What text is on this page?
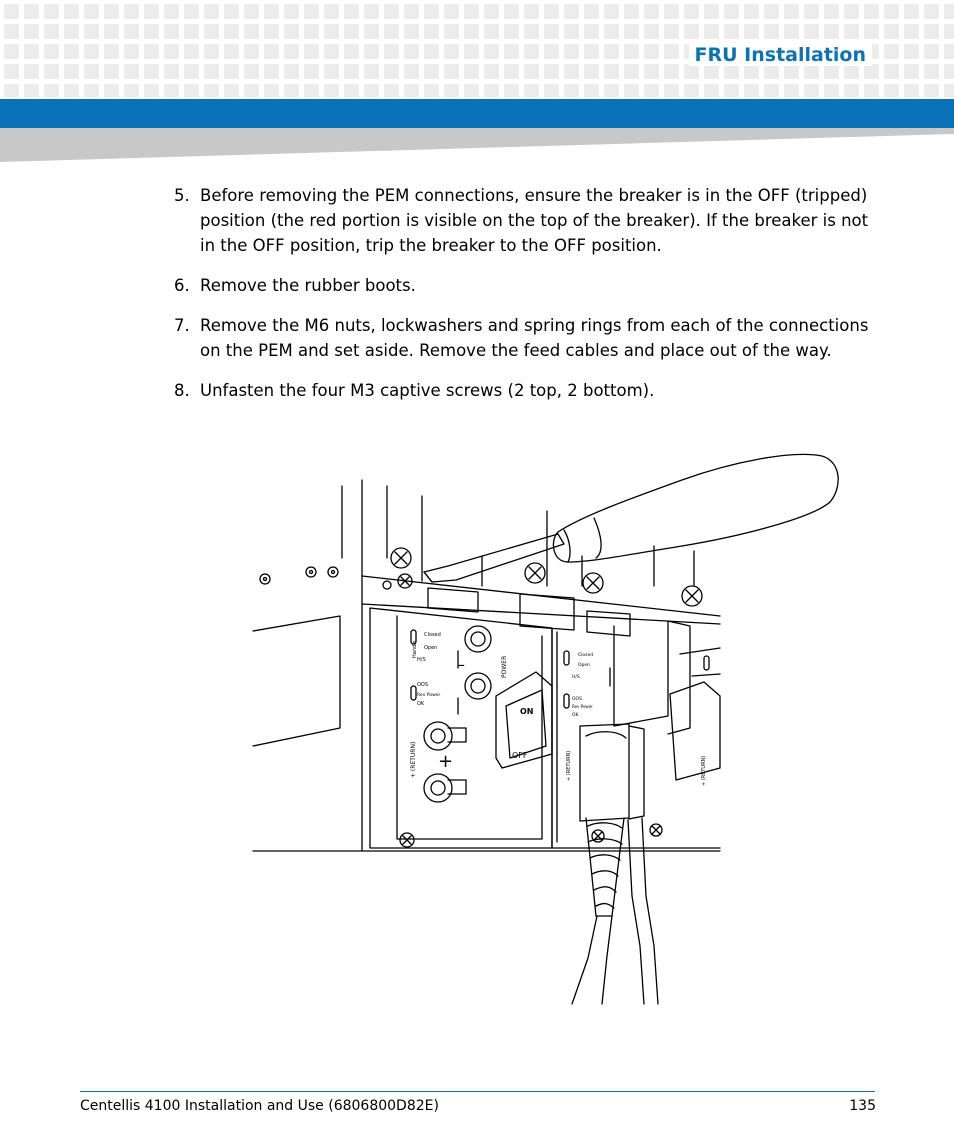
FRU Installation
5. Before removing the PEM connections, ensure the breaker is in the OFF (tripped) position (the red portion is visible on the top of the breaker). If the breaker is not in the OFF position, trip the breaker to the OFF position.
6. Remove the rubber boots.
7. Remove the M6 nuts, lockwashers and spring rings from each of the connections on the PEM and set aside. Remove the feed cables and place out of the way.
8. Unfasten the four M3 captive screws (2 top, 2 bottom).
Closed
Open
H/S
OOS
Rev Power
OK
Handle
POWER
+ (RETURN)
ON
OFF
+
–	Closed
Open
H/S
OOS
Rev Power
OK
+ (RETURN)	+ (RETURN)
Centellis 4100 Installation and Use (6806800D82E)	135
